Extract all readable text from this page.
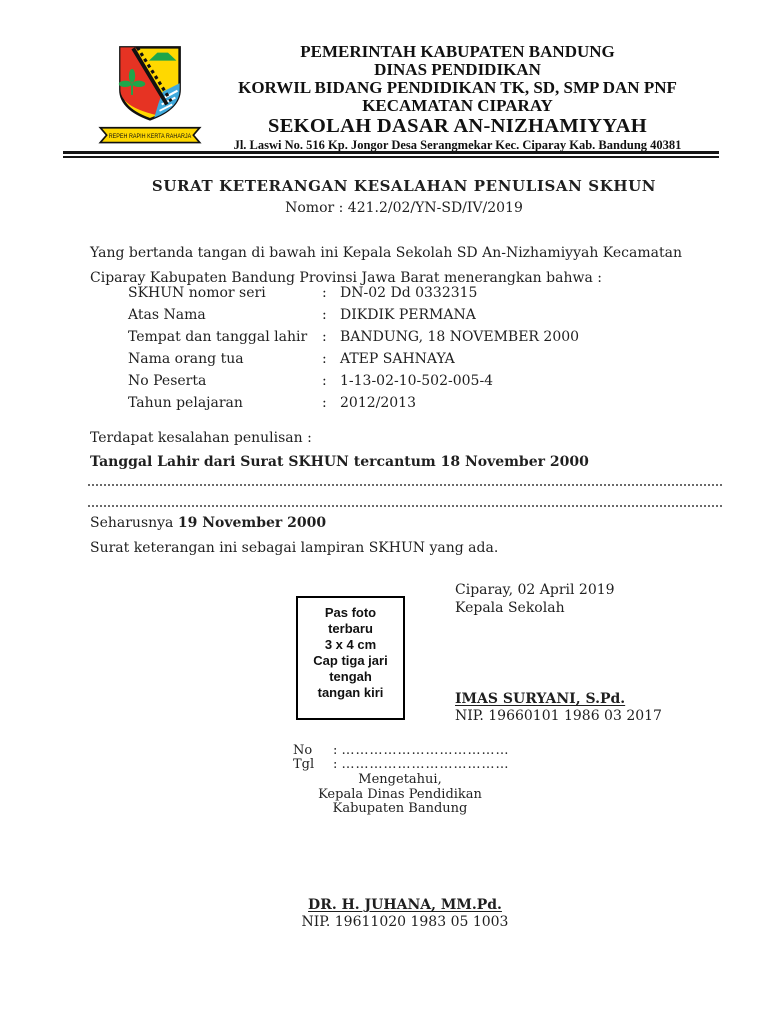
REPEH RAPIH KERTA RAHARJA
PEMERINTAH KABUPATEN BANDUNG
DINAS PENDIDIKAN
KORWIL BIDANG PENDIDIKAN TK, SD, SMP DAN PNF
KECAMATAN CIPARAY
SEKOLAH DASAR AN-NIZHAMIYYAH
Jl. Laswi No. 516 Kp. Jongor Desa Serangmekar Kec. Ciparay Kab. Bandung 40381
SURAT KETERANGAN KESALAHAN PENULISAN SKHUN
Nomor : 421.2/02/YN-SD/IV/2019
Yang bertanda tangan di bawah ini Kepala Sekolah SD An-Nizhamiyyah Kecamatan Ciparay Kabupaten Bandung Provinsi Jawa Barat menerangkan bahwa :
SKHUN nomor seri	: DN-02 Dd 0332315
Atas Nama	: DIKDIK PERMANA
Tempat dan tanggal lahir : BANDUNG, 18 NOVEMBER 2000
Nama orang tua	: ATEP SAHNAYA
No Peserta	: 1-13-02-10-502-005-4
Tahun pelajaran	: 2012/2013
Terdapat kesalahan penulisan :
Tanggal Lahir dari Surat SKHUN tercantum 18 November 2000
Seharusnya 19 November 2000
Surat keterangan ini sebagai lampiran SKHUN yang ada.
Pas foto
terbaru
3 x 4 cm
Cap tiga jari
tengah
tangan kiri
Ciparay, 02 April 2019
Kepala Sekolah
IMAS SURYANI, S.Pd.
NIP. 19660101 1986 03 2017
No : ………………………………
Tgl : ………………………………
Mengetahui,
Kepala Dinas Pendidikan
Kabupaten Bandung
DR. H. JUHANA, MM.Pd.
NIP. 19611020 1983 05 1003
